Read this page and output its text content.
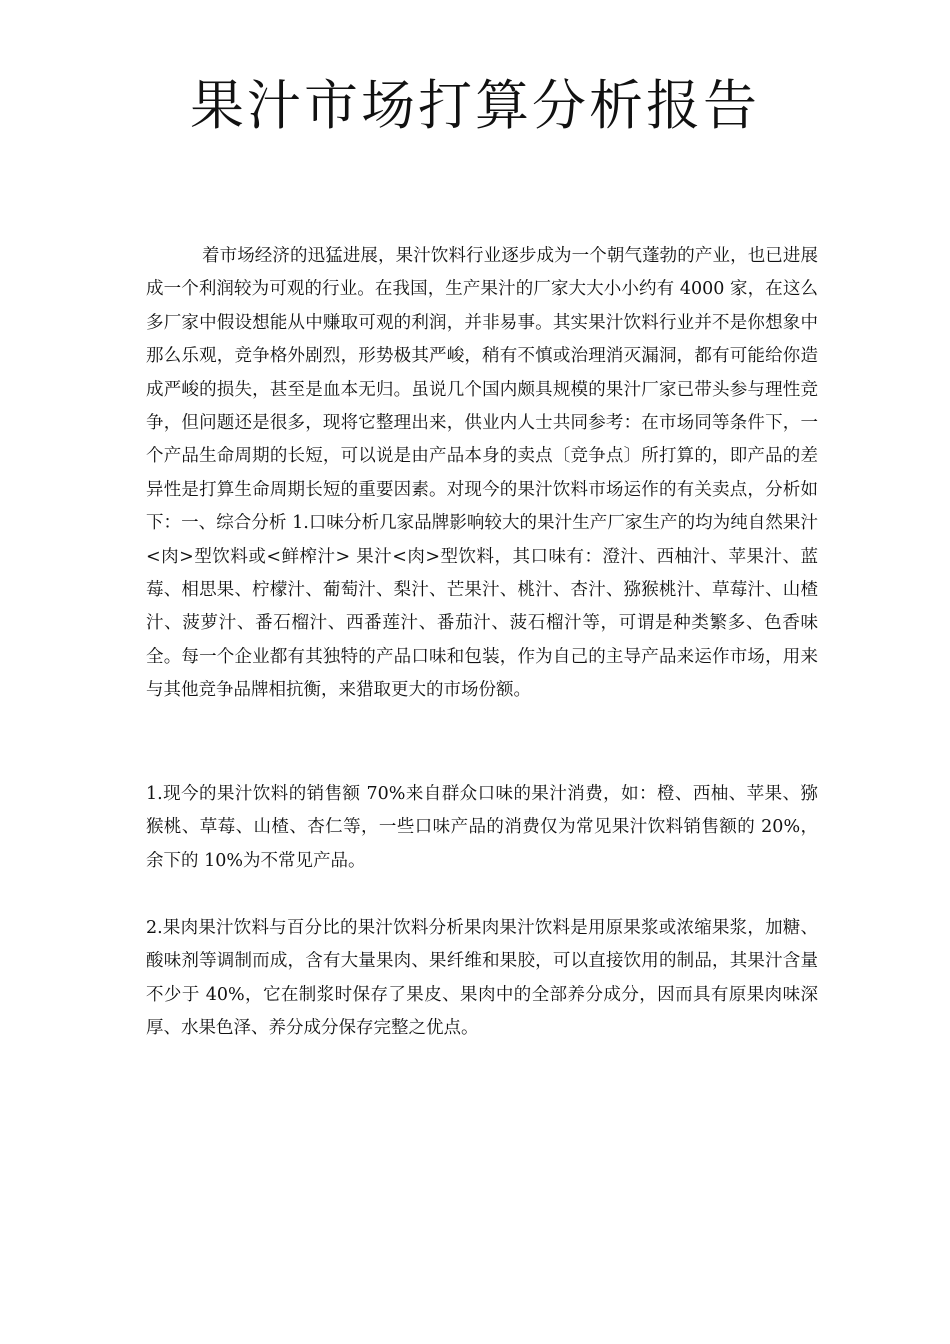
果汁市场打算分析报告

着市场经济的迅猛进展，果汁饮料行业逐步成为一个朝气蓬勃的产业，也已进展成一个利润较为可观的行业。在我国，生产果汁的厂家大大小小约有 4000 家，在这么多厂家中假设想能从中赚取可观的利润，并非易事。其实果汁饮料行业并不是你想象中那么乐观，竞争格外剧烈，形势极其严峻，稍有不慎或治理消灭漏洞，都有可能给你造成严峻的损失，甚至是血本无归。虽说几个国内颇具规模的果汁厂家已带头参与理性竞争，但问题还是很多，现将它整理出来，供业内人士共同参考：在市场同等条件下，一个产品生命周期的长短，可以说是由产品本身的卖点〔竞争点〕所打算的，即产品的差异性是打算生命周期长短的重要因素。对现今的果汁饮料市场运作的有关卖点，分析如下：一、综合分析 1.口味分析几家品牌影响较大的果汁生产厂家生产的均为纯自然果汁<肉>型饮料或<鲜榨汁> 果汁<肉>型饮料，其口味有：澄汁、西柚汁、苹果汁、蓝莓、相思果、柠檬汁、葡萄汁、梨汁、芒果汁、桃汁、杏汁、猕猴桃汁、草莓汁、山楂汁、菠萝汁、番石榴汁、西番莲汁、番茄汁、菠石榴汁等，可谓是种类繁多、色香味全。每一个企业都有其独特的产品口味和包装，作为自己的主导产品来运作市场，用来与其他竞争品牌相抗衡，来猎取更大的市场份额。

1.现今的果汁饮料的销售额 70%来自群众口味的果汁消费，如：橙、西柚、苹果、猕猴桃、草莓、山楂、杏仁等，一些口味产品的消费仅为常见果汁饮料销售额的 20%，余下的 10%为不常见产品。

2.果肉果汁饮料与百分比的果汁饮料分析果肉果汁饮料是用原果浆或浓缩果浆，加糖、酸味剂等调制而成，含有大量果肉、果纤维和果胶，可以直接饮用的制品，其果汁含量不少于 40%，它在制浆时保存了果皮、果肉中的全部养分成分，因而具有原果肉味深厚、水果色泽、养分成分保存完整之优点。
